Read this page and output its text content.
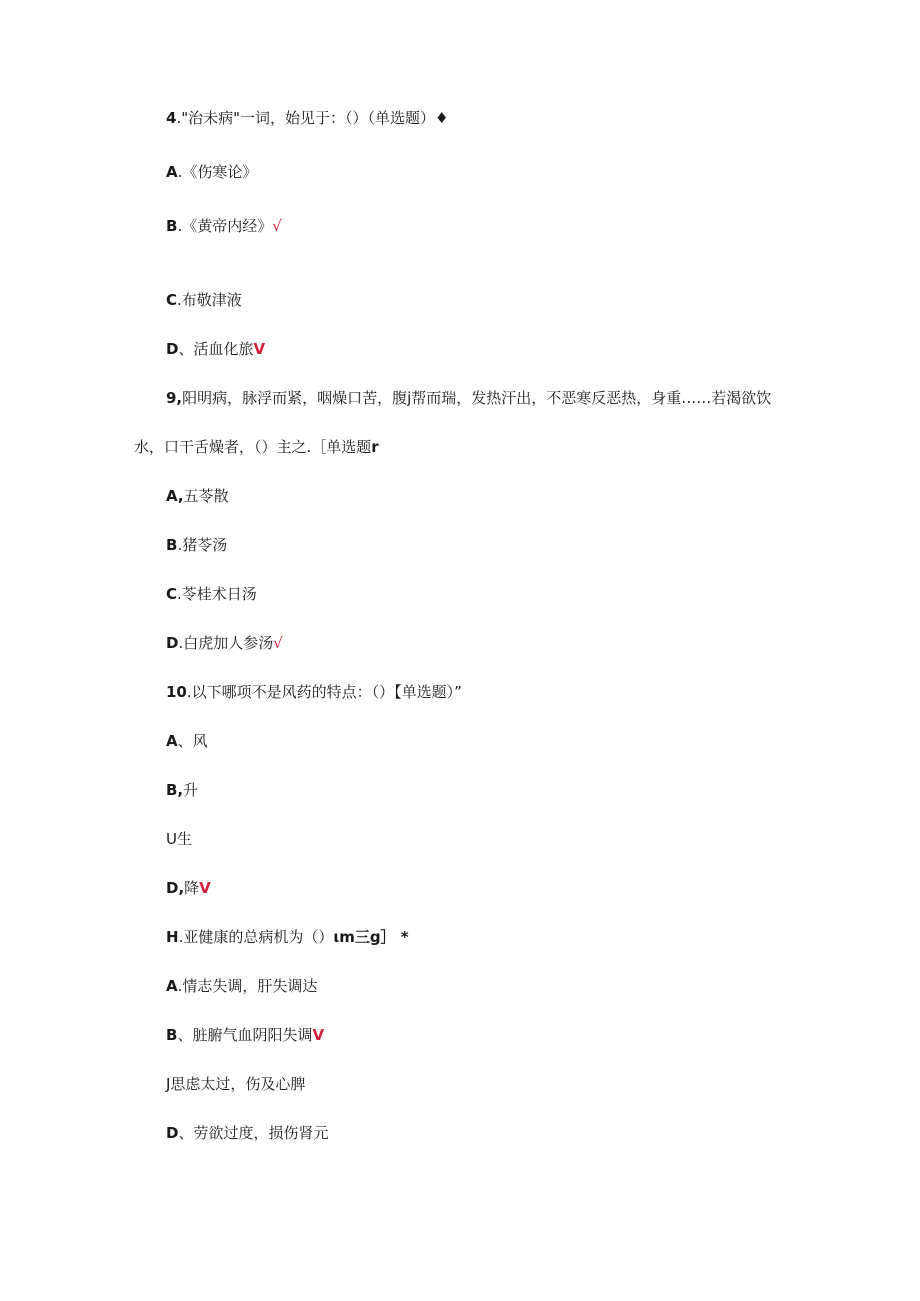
4."治未病"一词，始见于：（）（单选题）♦
A.《伤寒论》
B.《黄帝内经》√
C.布敬津液
D、活血化旅V
9,阳明病，脉浮而紧，咽燥口苦，腹j帮而瑞，发热汗出，不恶寒反恶热，身重……若渴欲饮
水，口干舌燥者，（）主之.［单选题r
A,五苓散
B.猪苓汤
C.苓桂术日汤
D.白虎加人参汤√
10.以下哪项不是风药的特点：（）【单选题）”
A、风
B,升
U生
D,降V
H.亚健康的总病机为（）ιm三g］ *
A.情志失调，肝失调达
B、脏腑气血阴阳失调V
J思虑太过，伤及心脾
D、劳欲过度，损伤肾元
